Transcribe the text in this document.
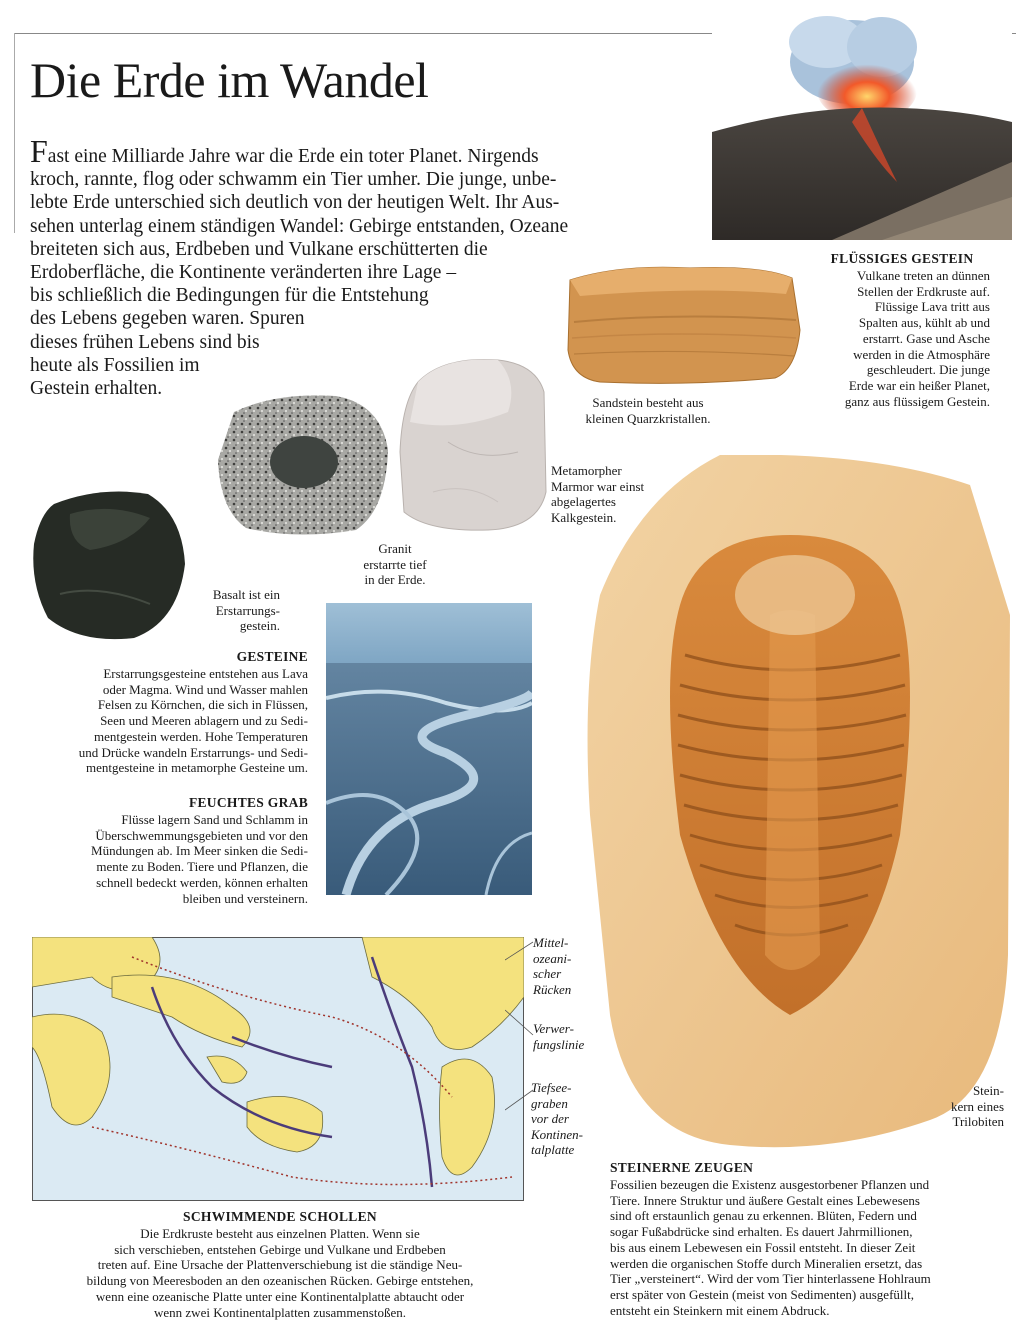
Die Erde im Wandel
Fast eine Milliarde Jahre war die Erde ein toter Planet. Nirgends
kroch, rannte, flog oder schwamm ein Tier umher. Die junge, unbe-
lebte Erde unterschied sich deutlich von der heutigen Welt. Ihr Aus-
sehen unterlag einem ständigen Wandel: Gebirge entstanden, Ozeane
breiteten sich aus, Erdbeben und Vulkane erschütterten die
Erdoberfläche, die Kontinente veränderten ihre Lage –
bis schließlich die Bedingungen für die Entstehung
des Lebens gegeben waren. Spuren
dieses frühen Lebens sind bis
heute als Fossilien im
Gestein erhalten.
FLÜSSIGES GESTEIN
Vulkane treten an dünnen
Stellen der Erdkruste auf.
Flüssige Lava tritt aus
Spalten aus, kühlt ab und
erstarrt. Gase und Asche
werden in die Atmosphäre
geschleudert. Die junge
Erde war ein heißer Planet,
ganz aus flüssigem Gestein.
Sandstein besteht aus
kleinen Quarzkristallen.
Metamorpher
Marmor war einst
abgelagertes
Kalkgestein.
Granit
erstarrte tief
in der Erde.
Basalt ist ein
Erstarrungs-
gestein.
GESTEINE
Erstarrungsgesteine entstehen aus Lava
oder Magma. Wind und Wasser mahlen
Felsen zu Körnchen, die sich in Flüssen,
Seen und Meeren ablagern und zu Sedi-
mentgestein werden. Hohe Temperaturen
und Drücke wandeln Erstarrungs- und Sedi-
mentgesteine in metamorphe Gesteine um.
FEUCHTES GRAB
Flüsse lagern Sand und Schlamm in
Überschwemmungsgebieten und vor den
Mündungen ab. Im Meer sinken die Sedi-
mente zu Boden. Tiere und Pflanzen, die
schnell bedeckt werden, können erhalten
bleiben und versteinern.
Stein-
kern eines
Trilobiten
Mittel-
ozeani-
scher
Rücken
Verwer-
fungslinie
Tiefsee-
graben
vor der
Kontinen-
talplatte
SCHWIMMENDE SCHOLLEN
Die Erdkruste besteht aus einzelnen Platten. Wenn sie
sich verschieben, entstehen Gebirge und Vulkane und Erdbeben
treten auf. Eine Ursache der Plattenverschiebung ist die ständige Neu-
bildung von Meeresboden an den ozeanischen Rücken. Gebirge entstehen,
wenn eine ozeanische Platte unter eine Kontinentalplatte abtaucht oder
wenn zwei Kontinentalplatten zusammenstoßen.
STEINERNE ZEUGEN
Fossilien bezeugen die Existenz ausgestorbener Pflanzen und
Tiere. Innere Struktur und äußere Gestalt eines Lebewesens
sind oft erstaunlich genau zu erkennen. Blüten, Federn und
sogar Fußabdrücke sind erhalten. Es dauert Jahrmillionen,
bis aus einem Lebewesen ein Fossil entsteht. In dieser Zeit
werden die organischen Stoffe durch Mineralien ersetzt, das
Tier „versteinert“. Wird der vom Tier hinterlassene Hohlraum
erst später von Gestein (meist von Sedimenten) ausgefüllt,
entsteht ein Steinkern mit einem Abdruck.
